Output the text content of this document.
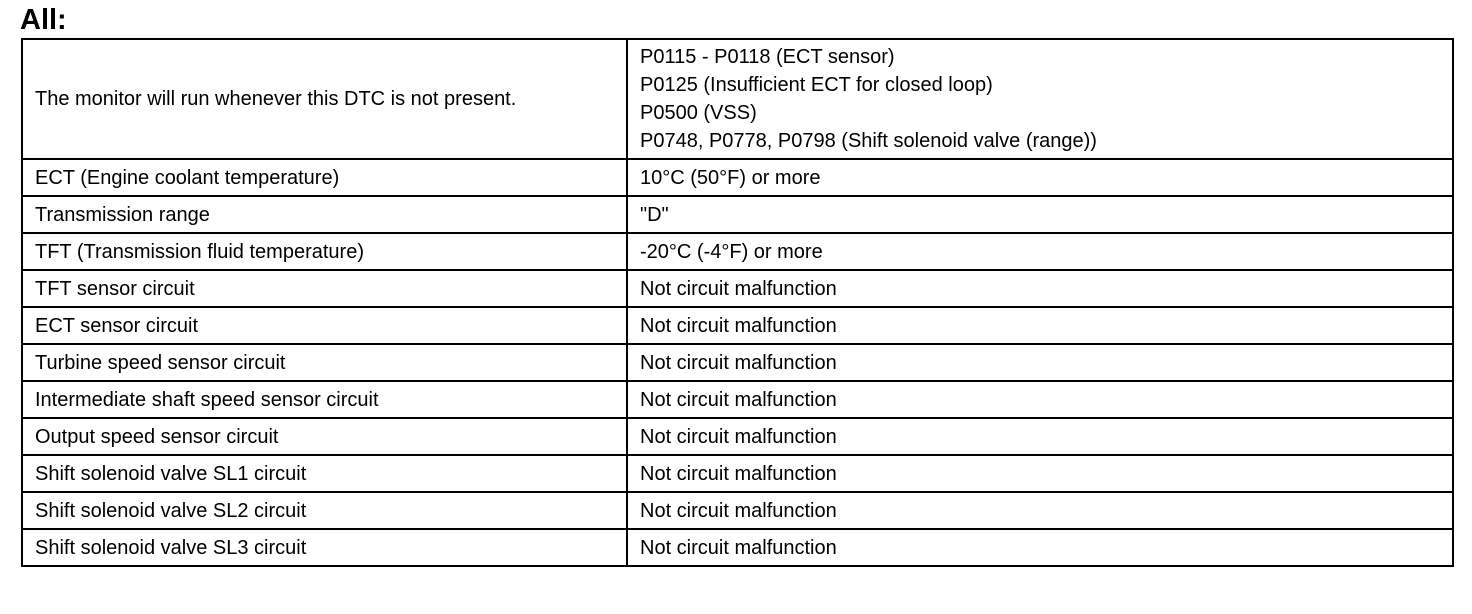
All:
The monitor will run whenever this DTC is not present.	P0115 - P0118 (ECT sensor)
P0125 (Insufficient ECT for closed loop)
P0500 (VSS)
P0748, P0778, P0798 (Shift solenoid valve (range))

ECT (Engine coolant temperature)	10°C (50°F) or more
Transmission range	"D"
TFT (Transmission fluid temperature)	-20°C (-4°F) or more
TFT sensor circuit	Not circuit malfunction
ECT sensor circuit	Not circuit malfunction
Turbine speed sensor circuit	Not circuit malfunction
Intermediate shaft speed sensor circuit	Not circuit malfunction
Output speed sensor circuit	Not circuit malfunction
Shift solenoid valve SL1 circuit	Not circuit malfunction
Shift solenoid valve SL2 circuit	Not circuit malfunction
Shift solenoid valve SL3 circuit	Not circuit malfunction
